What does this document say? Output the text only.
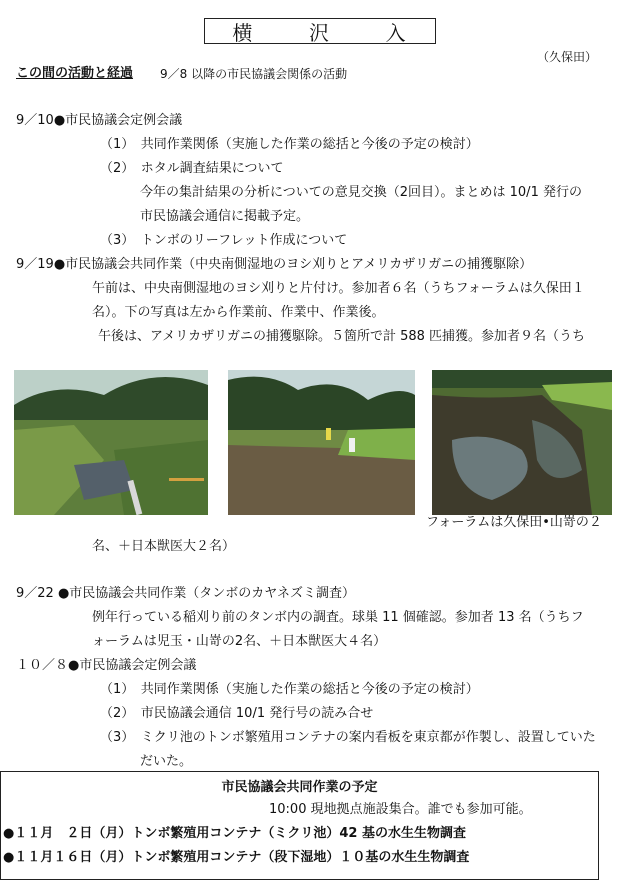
横	沢	入
（久保田）
この間の活動と経過 9／8 以降の市民協議会関係の活動
9／10●市民協議会定例会議
（1）　共同作業関係（実施した作業の総括と今後の予定の検討）
（2）　ホタル調査結果について
今年の集計結果の分析についての意見交換（2回目）。まとめは 10/1 発行の
市民協議会通信に掲載予定。
（3）　トンボのリーフレット作成について
9／19●市民協議会共同作業（中央南側湿地のヨシ刈りとアメリカザリガニの捕獲駆除）
午前は、中央南側湿地のヨシ刈りと片付け。参加者６名（うちフォーラムは久保田１
名）。下の写真は左から作業前、作業中、作業後。
午後は、アメリカザリガニの捕獲駆除。５箇所で計 588 匹捕獲。参加者９名（うち
フォーラムは久保田•山嵜の２
名、＋日本獣医大２名）
9／22 ●市民協議会共同作業（タンボのカヤネズミ調査）
例年行っている稲刈り前のタンボ内の調査。球巣 11 個確認。参加者 13 名（うちフ
ォーラムは児玉・山嵜の2名、＋日本獣医大４名）
１０／８●市民協議会定例会議
（1）　共同作業関係（実施した作業の総括と今後の予定の検討）
（2）　市民協議会通信 10/1 発行号の読み合せ
（3）　ミクリ池のトンボ繁殖用コンテナの案内看板を東京都が作製し、設置していた
だいた。
市民協議会共同作業の予定
10:00 現地拠点施設集合。誰でも参加可能。
●１１月　２日（月）トンボ繁殖用コンテナ（ミクリ池）42 基の水生生物調査
●１１月１６日（月）トンボ繁殖用コンテナ（段下湿地）１０基の水生生物調査
